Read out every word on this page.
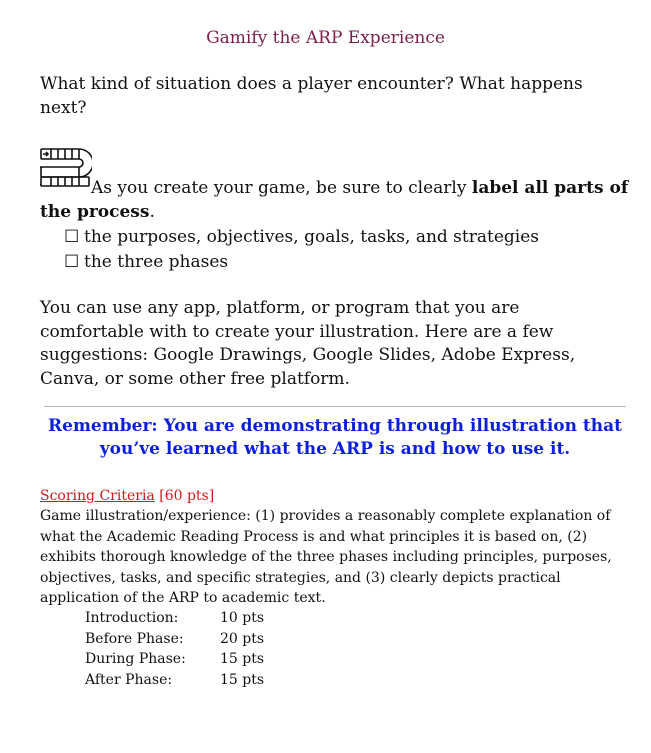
Gamify the ARP Experience
What kind of situation does a player encounter? What happens next?
As you create your game, be sure to clearly label all parts of the process.
☐ the purposes, objectives, goals, tasks, and strategies
☐ the three phases
You can use any app, platform, or program that you are comfortable with to create your illustration. Here are a few suggestions: Google Drawings, Google Slides, Adobe Express, Canva, or some other free platform.
Remember: You are demonstrating through illustration that you’ve learned what the ARP is and how to use it.
Scoring Criteria [60 pts]
Game illustration/experience: (1) provides a reasonably complete explanation of what the Academic Reading Process is and what principles it is based on, (2) exhibits thorough knowledge of the three phases including principles, purposes, objectives, tasks, and specific strategies, and (3) clearly depicts practical application of the ARP to academic text.
Introduction:	10 pts
Before Phase:	20 pts
During Phase:	15 pts
After Phase:	15 pts
